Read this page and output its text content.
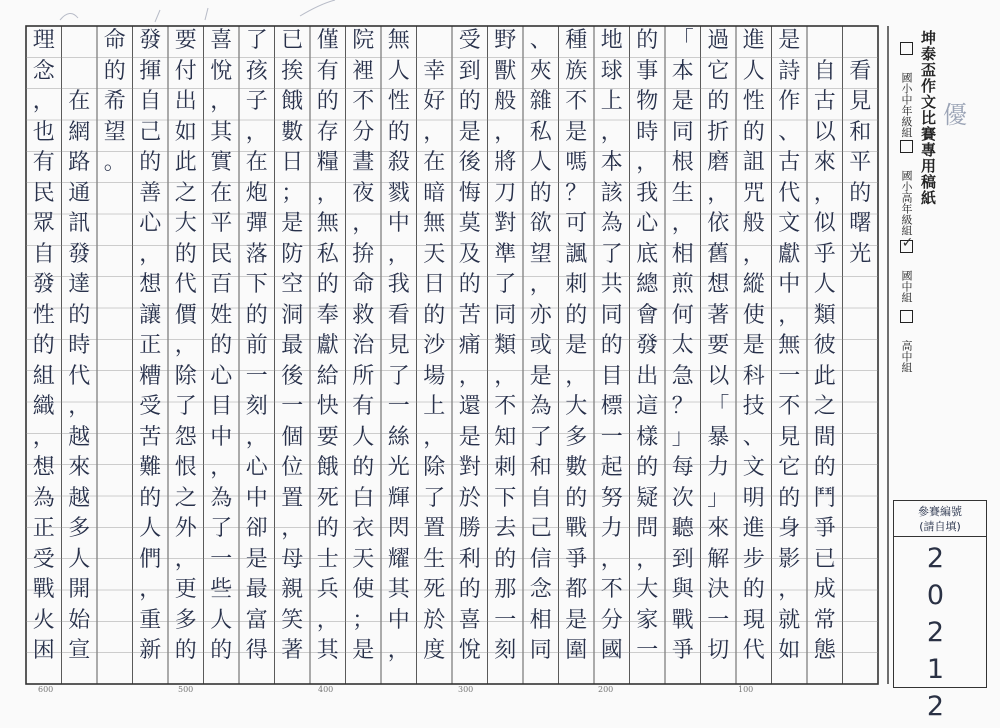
看
見
和
平
的
曙
光

自
古
以
來
，
似
乎
人
類
彼
此
之
間
的
鬥
爭
已
成
常
態
是
詩
作
、
古
代
文
獻
中
，
無
一
不
見
它
的
身
影
，
就
如
進
人
性
的
詛
咒
般
，
縱
使
是
科
技
、
文
明
進
步
的
現
代
過
它
的
折
磨
，
依
舊
想
著
要
以
「
暴
力
」
來
解
決
一
切
「
本
是
同
根
生
，
相
煎
何
太
急
？
」
每
次
聽
到
與
戰
爭
的
事
物
時
，
我
心
底
總
會
發
出
這
樣
的
疑
問
，
大
家
一
地
球
上
，
本
該
為
了
共
同
的
目
標
一
起
努
力
，
不
分
國
種
族
不
是
嗎
？
可
諷
刺
的
是
，
大
多
數
的
戰
爭
都
是
圍
、
夾
雜
私
人
的
欲
望
，
亦
或
是
為
了
和
自
己
信
念
相
同
野
獸
般
，
將
刀
對
準
了
同
類
，
不
知
刺
下
去
的
那
一
刻
受
到
的
是
後
悔
莫
及
的
苦
痛
，
還
是
對
於
勝
利
的
喜
悅

幸
好
，
在
暗
無
天
日
的
沙
場
上
，
除
了
置
生
死
於
度
無
人
性
的
殺
戮
中
，
我
看
見
了
一
絲
光
輝
閃
耀
其
中
，
院
裡
不
分
晝
夜
，
拚
命
救
治
所
有
人
的
白
衣
天
使
；
是
僅
有
的
存
糧
，
無
私
的
奉
獻
給
快
要
餓
死
的
士
兵
，
其
已
挨
餓
數
日
；
是
防
空
洞
最
後
一
個
位
置
，
母
親
笑
著
了
孩
子
，
在
炮
彈
落
下
的
前
一
刻
，
心
中
卻
是
最
富
得
喜
悅
，
其
實
在
平
民
百
姓
的
心
目
中
，
為
了
一
些
人
的
要
付
出
如
此
之
大
的
代
價
，
除
了
怨
恨
之
外
，
更
多
的
發
揮
自
己
的
善
心
，
想
讓
正
糟
受
苦
難
的
人
們
，
重
新
命
的
希
望
。

在
網
路
通
訊
發
達
的
時
代
，
越
來
越
多
人
開
始
宣
理
念
，
也
有
民
眾
自
發
性
的
組
織
，
想
為
正
受
戰
火
困
坤泰盃作文比賽專用稿紙
國小中年級組
國小高年級組
✓ 國中組
高中組
優
參賽編號
(請自填)
20212
600	500	400	300	200	100
